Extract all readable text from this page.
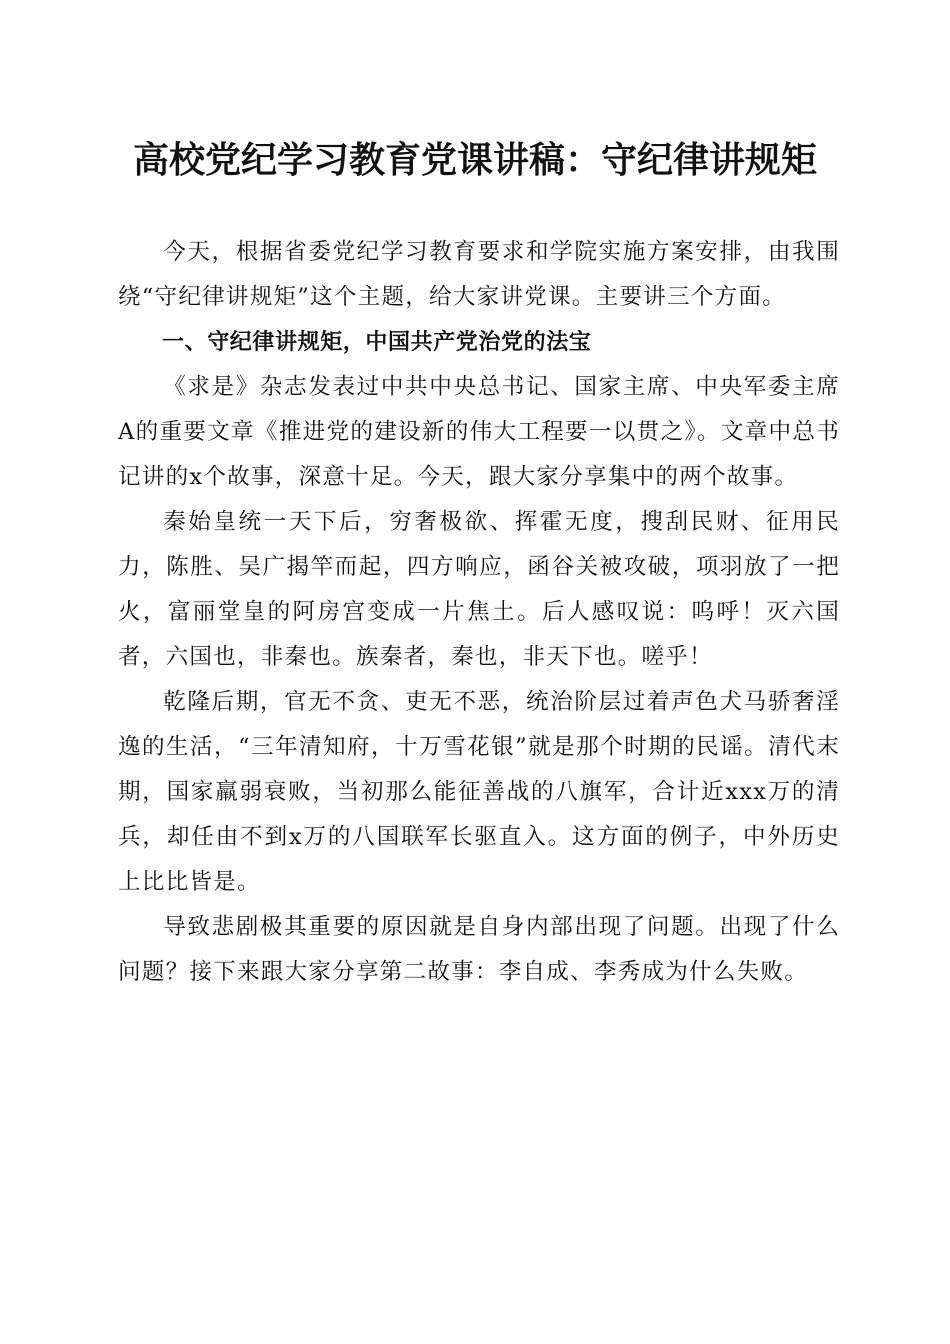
高校党纪学习教育党课讲稿：守纪律讲规矩

今天，根据省委党纪学习教育要求和学院实施方案安排，由我围绕“守纪律讲规矩”这个主题，给大家讲党课。主要讲三个方面。

一、守纪律讲规矩，中国共产党治党的法宝

《求是》杂志发表过中共中央总书记、国家主席、中央军委主席A的重要文章《推进党的建设新的伟大工程要一以贯之》。文章中总书记讲的x个故事，深意十足。今天，跟大家分享集中的两个故事。

秦始皇统一天下后，穷奢极欲、挥霍无度，搜刮民财、征用民力，陈胜、吴广揭竿而起，四方响应，函谷关被攻破，项羽放了一把火，富丽堂皇的阿房宫变成一片焦土。后人感叹说：呜呼！灭六国者，六国也，非秦也。族秦者，秦也，非天下也。嗟乎！

乾隆后期，官无不贪、吏无不恶，统治阶层过着声色犬马骄奢淫逸的生活，“三年清知府，十万雪花银”就是那个时期的民谣。清代末期，国家羸弱衰败，当初那么能征善战的八旗军，合计近xxx万的清兵，却任由不到x万的八国联军长驱直入。这方面的例子，中外历史上比比皆是。

导致悲剧极其重要的原因就是自身内部出现了问题。出现了什么问题？接下来跟大家分享第二故事：李自成、李秀成为什么失败。
